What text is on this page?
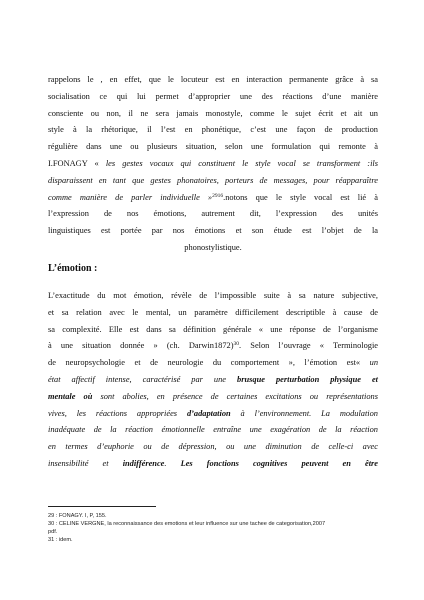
rappelons le , en effet, que le locuteur est en interaction permanente grâce à sa
socialisation ce qui lui permet d’approprier une des réactions d’une manière
consciente ou non, il ne sera jamais monostyle, comme le sujet écrit et ait un
style à la rhétorique, il l’est en phonétique, c’est une façon de production
régulière dans une ou plusieurs situation, selon une formulation qui remonte à
I.FONAGY « les gestes vocaux qui constituent le style vocal se transforment :ils
disparaissent en tant que gestes phonatoires, porteurs de messages, pour réapparaître
comme manière de parler individuelle »$^{2916}$.notons que le style vocal est lié à
l’expression de nos émotions, autrement dit, l’expression des unités
linguistiques est portée par nos émotions et son étude est l’objet de la
phonostylistique.
L’émotion :
L’exactitude du mot émotion, révèle de l’impossible suite à sa nature subjective,
et sa relation avec le mental, un paramètre difficilement descriptible à cause de
sa complexité. Elle est dans sa définition générale « une réponse de l’organisme
à une situation donnée » (ch. Darwin1872)$^{30}$. Selon l’ouvrage « Terminologie
de neuropsychologie et de neurologie du comportement », l’émotion est« un
état affectif intense, caractérisé par une brusque perturbation physique et
mentale où sont abolies, en présence de certaines excitations ou représentations
vives, les réactions appropriées d’adaptation à l’environnement. La modulation
inadéquate de la réaction émotionnelle entraîne une exagération de la réaction
en termes d’euphorie ou de dépression, ou une diminution de celle-ci avec
insensibilité et indifférence. Les fonctions cognitives peuvent en être
29 : FONAGY. I, P, 155.
30 : CELINE VERGNE, la reconnaissance des emotions et leur influence sur une tachee de categorisation,2007
pdf.
31 : idem.
